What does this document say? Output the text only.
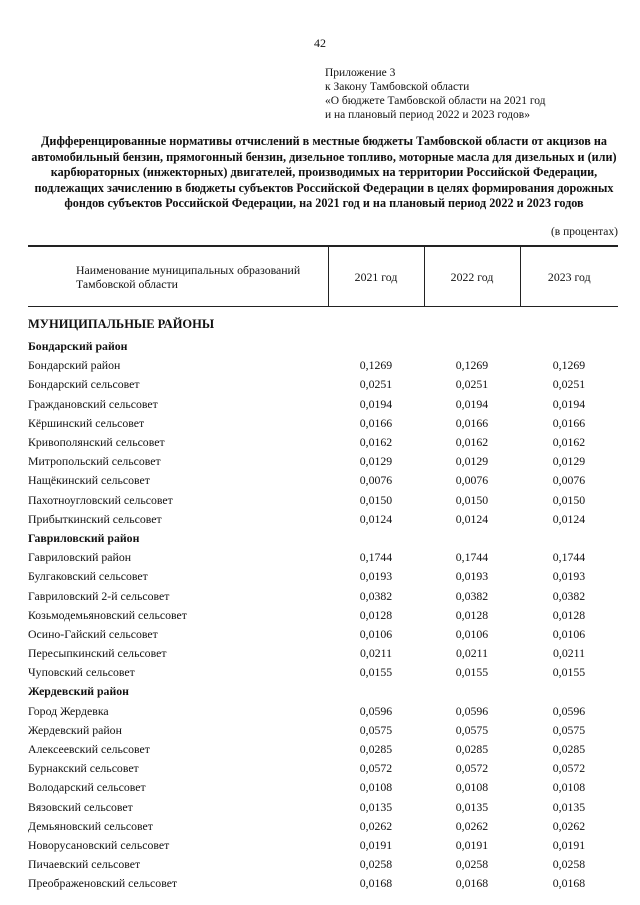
42
Приложение 3
к Закону Тамбовской области
«О бюджете Тамбовской области на 2021 год
и на плановый период 2022 и 2023 годов»
Дифференцированные нормативы отчислений в местные бюджеты Тамбовской области от акцизов на автомобильный бензин, прямогонный бензин, дизельное топливо, моторные масла для дизельных и (или) карбюраторных (инжекторных) двигателей, производимых на территории Российской Федерации, подлежащих зачислению в бюджеты субъектов Российской Федерации в целях формирования дорожных фондов субъектов Российской Федерации, на 2021 год и на плановый период 2022 и 2023 годов
(в процентах)
Наименование муниципальных образований Тамбовской области	2021 год	2022 год	2023 год
МУНИЦИПАЛЬНЫЕ РАЙОНЫ			
Бондарский район			
Бондарский район	0,1269	0,1269	0,1269
Бондарский сельсовет	0,0251	0,0251	0,0251
Граждановский сельсовет	0,0194	0,0194	0,0194
Кёршинский сельсовет	0,0166	0,0166	0,0166
Кривополянский сельсовет	0,0162	0,0162	0,0162
Митропольский сельсовет	0,0129	0,0129	0,0129
Нащёкинский сельсовет	0,0076	0,0076	0,0076
Пахотноугловский сельсовет	0,0150	0,0150	0,0150
Прибыткинский сельсовет	0,0124	0,0124	0,0124
Гавриловский район			
Гавриловский район	0,1744	0,1744	0,1744
Булгаковский сельсовет	0,0193	0,0193	0,0193
Гавриловский 2-й сельсовет	0,0382	0,0382	0,0382
Козьмодемьяновский сельсовет	0,0128	0,0128	0,0128
Осино-Гайский сельсовет	0,0106	0,0106	0,0106
Пересыпкинский сельсовет	0,0211	0,0211	0,0211
Чуповский сельсовет	0,0155	0,0155	0,0155
Жердевский район			
Город Жердевка	0,0596	0,0596	0,0596
Жердевский район	0,0575	0,0575	0,0575
Алексеевский сельсовет	0,0285	0,0285	0,0285
Бурнакский сельсовет	0,0572	0,0572	0,0572
Володарский сельсовет	0,0108	0,0108	0,0108
Вязовский сельсовет	0,0135	0,0135	0,0135
Демьяновский сельсовет	0,0262	0,0262	0,0262
Новорусановский сельсовет	0,0191	0,0191	0,0191
Пичаевский сельсовет	0,0258	0,0258	0,0258
Преображеновский сельсовет	0,0168	0,0168	0,0168
